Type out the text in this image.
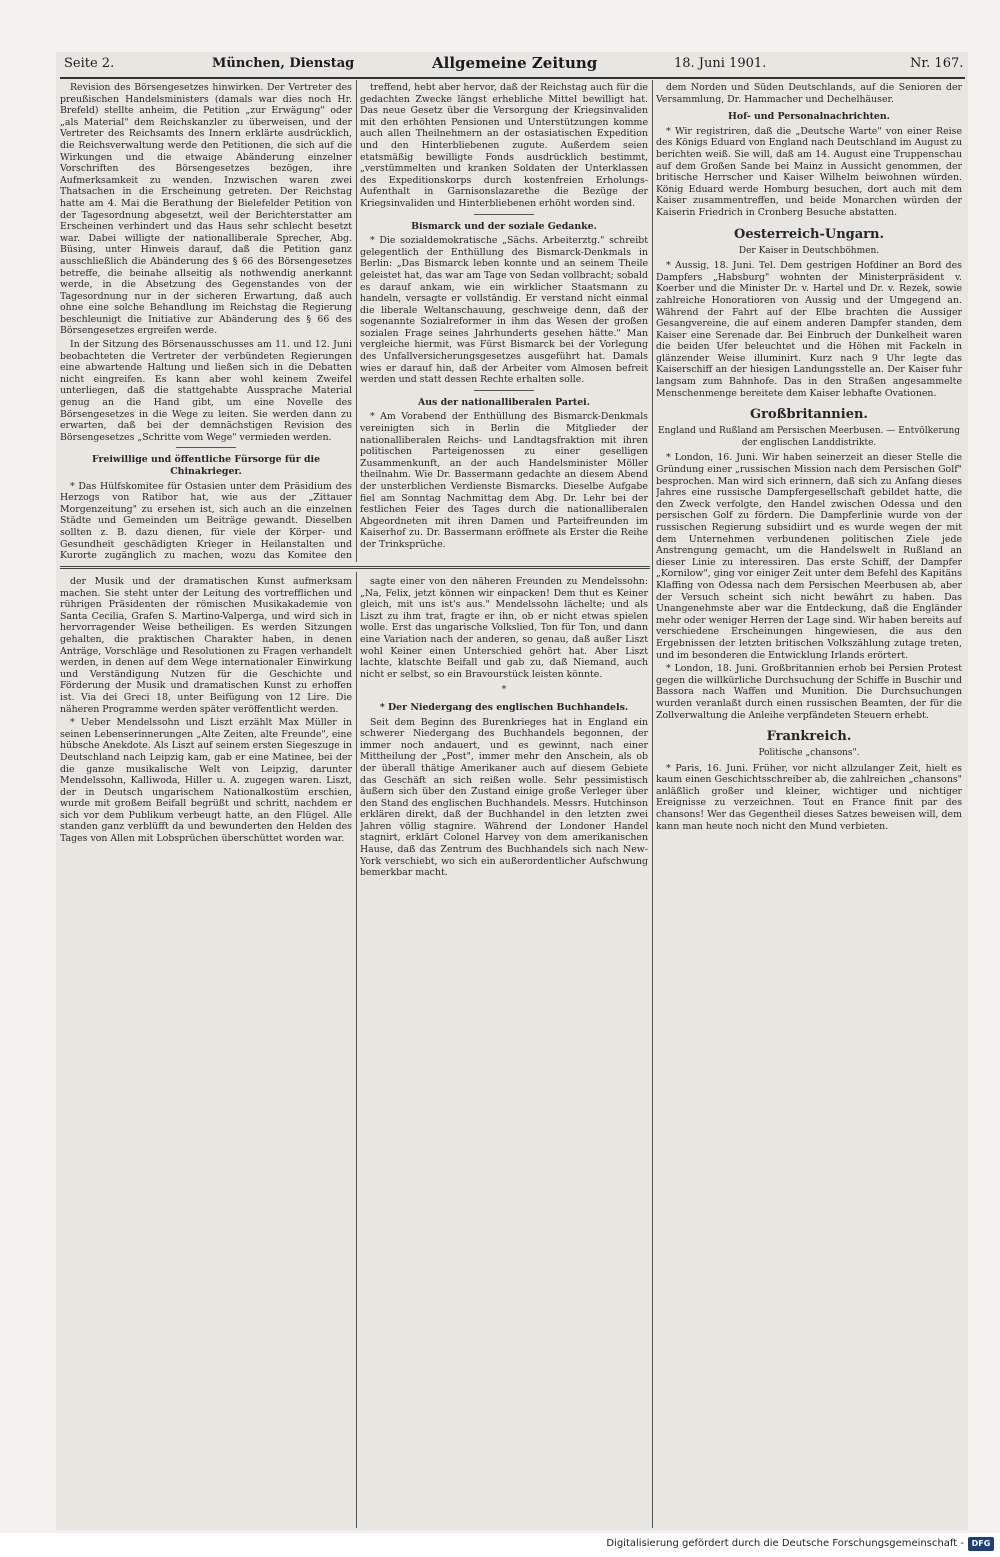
Seite 2.	München, Dienstag	Allgemeine Zeitung	18. Juni 1901.	Nr. 167.

Revision des Börsengesetzes hinwirken. Der Vertreter des preußischen Handelsministers (damals war dies noch Hr. Brefeld) stellte anheim, die Petition „zur Erwägung" oder „als Material" dem Reichskanzler zu überweisen, und der Vertreter des Reichsamts des Innern erklärte ausdrücklich, die Reichsverwaltung werde den Petitionen, die sich auf die Wirkungen und die etwaige Abänderung einzelner Vorschriften des Börsengesetzes bezögen, ihre Aufmerksamkeit zu wenden. Inzwischen waren zwei Thatsachen in die Erscheinung getreten. Der Reichstag hatte am 4. Mai die Berathung der Bielefelder Petition von der Tagesordnung abgesetzt, weil der Berichterstatter am Erscheinen verhindert und das Haus sehr schlecht besetzt war. Dabei willigte der nationalliberale Sprecher, Abg. Büsing, unter Hinweis darauf, daß die Petition ganz ausschließlich die Abänderung des § 66 des Börsengesetzes betreffe, die beinahe allseitig als nothwendig anerkannt werde, in die Absetzung des Gegenstandes von der Tagesordnung nur in der sicheren Erwartung, daß auch ohne eine solche Behandlung im Reichstag die Regierung beschleunigt die Initiative zur Abänderung des § 66 des Börsengesetzes ergreifen werde.

In der Sitzung des Börsenausschusses am 11. und 12. Juni beobachteten die Vertreter der verbündeten Regierungen eine abwartende Haltung und ließen sich in die Debatten nicht eingreifen. Es kann aber wohl keinem Zweifel unterliegen, daß die stattgehabte Aussprache Material genug an die Hand gibt, um eine Novelle des Börsengesetzes in die Wege zu leiten. Sie werden dann zu erwarten, daß bei der demnächstigen Revision des Börsengesetzes „Schritte vom Wege" vermieden werden.

Freiwillige und öffentliche Fürsorge für die Chinakrieger.

* Das Hülfskomitee für Ostasien unter dem Präsidium des Herzogs von Ratibor hat, wie aus der „Zittauer Morgenzeitung" zu ersehen ist, sich auch an die einzelnen Städte und Gemeinden um Beiträge gewandt. Dieselben sollten z. B. dazu dienen, für viele der Körper- und Gesundheit geschädigten Krieger in Heilanstalten und Kurorte zugänglich zu machen, wozu das Komitee den

treffend, hebt aber hervor, daß der Reichstag auch für die gedachten Zwecke längst erhebliche Mittel bewilligt hat. Das neue Gesetz über die Versorgung der Kriegsinvaliden mit den erhöhten Pensionen und Unterstützungen komme auch allen Theilnehmern an der ostasiatischen Expedition und den Hinterbliebenen zugute. Außerdem seien etatsmäßig bewilligte Fonds ausdrücklich bestimmt, „verstümmelten und kranken Soldaten der Unterklassen des Expeditionskorps durch kostenfreien Erholungs-Aufenthalt in Garnisonslazarethe die Bezüge der Kriegsinvaliden und Hinterbliebenen erhöht worden sind.

Bismarck und der soziale Gedanke.

* Die sozialdemokratische „Sächs. Arbeiterztg." schreibt gelegentlich der Enthüllung des Bismarck-Denkmals in Berlin: „Das Bismarck leben konnte und an seinem Theile geleistet hat, das war am Tage von Sedan vollbracht; sobald es darauf ankam, wie ein wirklicher Staatsmann zu handeln, versagte er vollständig. Er verstand nicht einmal die liberale Weltanschauung, geschweige denn, daß der sogenannte Sozialreformer in ihm das Wesen der großen sozialen Frage seines Jahrhunderts gesehen hätte." Man vergleiche hiermit, was Fürst Bismarck bei der Vorlegung des Unfallversicherungsgesetzes ausgeführt hat. Damals wies er darauf hin, daß der Arbeiter vom Almosen befreit werden und statt dessen Rechte erhalten solle.

Aus der nationalliberalen Partei.

* Am Vorabend der Enthüllung des Bismarck-Denkmals vereinigten sich in Berlin die Mitglieder der nationalliberalen Reichs- und Landtagsfraktion mit ihren politischen Parteigenossen zu einer geselligen Zusammenkunft, an der auch Handelsminister Möller theilnahm. Wie Dr. Bassermann gedachte an diesem Abend der unsterblichen Verdienste Bismarcks. Dieselbe Aufgabe fiel am Sonntag Nachmittag dem Abg. Dr. Lehr bei der festlichen Feier des Tages durch die nationalliberalen Abgeordneten mit ihren Damen und Parteifreunden im Kaiserhof zu. Dr. Bassermann eröffnete als Erster die Reihe der Trinksprüche.

dem Norden und Süden Deutschlands, auf die Senioren der Versammlung, Dr. Hammacher und Dechelhäuser.

Hof- und Personalnachrichten.

* Wir registriren, daß die „Deutsche Warte" von einer Reise des Königs Eduard von England nach Deutschland im August zu berichten weiß. Sie will, daß am 14. August eine Truppenschau auf dem Großen Sande bei Mainz in Aussicht genommen, der britische Herrscher und Kaiser Wilhelm beiwohnen würden. König Eduard werde Homburg besuchen, dort auch mit dem Kaiser zusammentreffen, und beide Monarchen würden der Kaiserin Friedrich in Cronberg Besuche abstatten.

Oesterreich-Ungarn.

Der Kaiser in Deutschböhmen.

* Aussig, 18. Juni. Tel. Dem gestrigen Hofdiner an Bord des Dampfers „Habsburg" wohnten der Ministerpräsident v. Koerber und die Minister Dr. v. Hartel und Dr. v. Rezek, sowie zahlreiche Honoratioren von Aussig und der Umgegend an. Während der Fahrt auf der Elbe brachten die Aussiger Gesangvereine, die auf einem anderen Dampfer standen, dem Kaiser eine Serenade dar. Bei Einbruch der Dunkelheit waren die beiden Ufer beleuchtet und die Höhen mit Fackeln in glänzender Weise illuminirt. Kurz nach 9 Uhr legte das Kaiserschiff an der hiesigen Landungsstelle an. Der Kaiser fuhr langsam zum Bahnhofe. Das in den Straßen angesammelte Menschenmenge bereitete dem Kaiser lebhafte Ovationen.

Großbritannien.

England und Rußland am Persischen Meerbusen. — Entvölkerung der englischen Landdistrikte.

* London, 16. Juni. Wir haben seinerzeit an dieser Stelle die Gründung einer „russischen Mission nach dem Persischen Golf" besprochen. Man wird sich erinnern, daß sich zu Anfang dieses Jahres eine russische Dampfergesellschaft gebildet hatte, die den Zweck verfolgte, den Handel zwischen Odessa und den persischen Golf zu fördern. Die Dampferlinie wurde von der russischen Regierung subsidiirt und es wurde wegen der mit dem Unternehmen verbundenen politischen Ziele jede Anstrengung gemacht, um die Handelswelt in Rußland an dieser Linie zu interessiren. Das erste Schiff, der Dampfer „Kornilow", ging vor einiger Zeit unter dem Befehl des Kapitäns Klaffing von Odessa nach dem Persischen Meerbusen ab, aber der Versuch scheint sich nicht bewährt zu haben. Das Unangenehmste aber war die Entdeckung, daß die Engländer mehr oder weniger Herren der Lage sind. Wir haben bereits auf verschiedene Erscheinungen hingewiesen, die aus den Ergebnissen der letzten britischen Volkszählung zutage treten, und im besonderen die Entwicklung Irlands erörtert.

* London, 18. Juni. Großbritannien erhob bei Persien Protest gegen die willkürliche Durchsuchung der Schiffe in Buschir und Bassora nach Waffen und Munition. Die Durchsuchungen wurden veranlaßt durch einen russischen Beamten, der für die Zollverwaltung die Anleihe verpfändeten Steuern erhebt.

Frankreich.

Politische „chansons".

* Paris, 16. Juni. Früher, vor nicht allzulanger Zeit, hielt es kaum einen Geschichtsschreiber ab, die zahlreichen „chansons" anläßlich großer und kleiner, wichtiger und nichtiger Ereignisse zu verzeichnen. Tout en France finit par des chansons! Wer das Gegentheil dieses Satzes beweisen will, dem kann man heute noch nicht den Mund verbieten.

der Musik und der dramatischen Kunst aufmerksam machen. Sie steht unter der Leitung des vortrefflichen und rührigen Präsidenten der römischen Musikakademie von Santa Cecilia, Grafen S. Martino-Valperga, und wird sich in hervorragender Weise betheiligen. Es werden Sitzungen gehalten, die praktischen Charakter haben, in denen Anträge, Vorschläge und Resolutionen zu Fragen verhandelt werden, in denen auf dem Wege internationaler Einwirkung und Verständigung Nutzen für die Geschichte und Förderung der Musik und dramatischen Kunst zu erhoffen ist. Via dei Greci 18, unter Beifügung von 12 Lire. Die näheren Programme werden später veröffentlicht werden.

* Ueber Mendelssohn und Liszt erzählt Max Müller in seinen Lebenserinnerungen „Alte Zeiten, alte Freunde", eine hübsche Anekdote. Als Liszt auf seinem ersten Siegeszuge in Deutschland nach Leipzig kam, gab er eine Matinee, bei der die ganze musikalische Welt von Leipzig, darunter Mendelssohn, Kalliwoda, Hiller u. A. zugegen waren. Liszt, der in Deutsch ungarischem Nationalkostüm erschien, wurde mit großem Beifall begrüßt und schritt, nachdem er sich vor dem Publikum verbeugt hatte, an den Flügel. Alle standen ganz verblüfft da und bewunderten den Helden des Tages von Allen mit Lobsprüchen überschüttet worden war.

sagte einer von den näheren Freunden zu Mendelssohn: „Na, Felix, jetzt können wir einpacken! Dem thut es Keiner gleich, mit uns ist's aus." Mendelssohn lächelte; und als Liszt zu ihm trat, fragte er ihn, ob er nicht etwas spielen wolle. Erst das ungarische Volkslied, Ton für Ton, und dann eine Variation nach der anderen, so genau, daß außer Liszt wohl Keiner einen Unterschied gehört hat. Aber Liszt lachte, klatschte Beifall und gab zu, daß Niemand, auch nicht er selbst, so ein Bravourstück leisten könnte.

*

* Der Niedergang des englischen Buchhandels.

Seit dem Beginn des Burenkrieges hat in England ein schwerer Niedergang des Buchhandels begonnen, der immer noch andauert, und es gewinnt, nach einer Mittheilung der „Post", immer mehr den Anschein, als ob der überall thätige Amerikaner auch auf diesem Gebiete das Geschäft an sich reißen wolle. Sehr pessimistisch äußern sich über den Zustand einige große Verleger über den Stand des englischen Buchhandels. Messrs. Hutchinson erklären direkt, daß der Buchhandel in den letzten zwei Jahren völlig stagnire. Während der Londoner Handel stagnirt, erklärt Colonel Harvey von dem amerikanischen Hause, daß das Zentrum des Buchhandels sich nach New-York verschiebt, wo sich ein außerordentlicher Aufschwung bemerkbar macht.

Digitalisierung gefördert durch die Deutsche Forschungsgemeinschaft - DFG
